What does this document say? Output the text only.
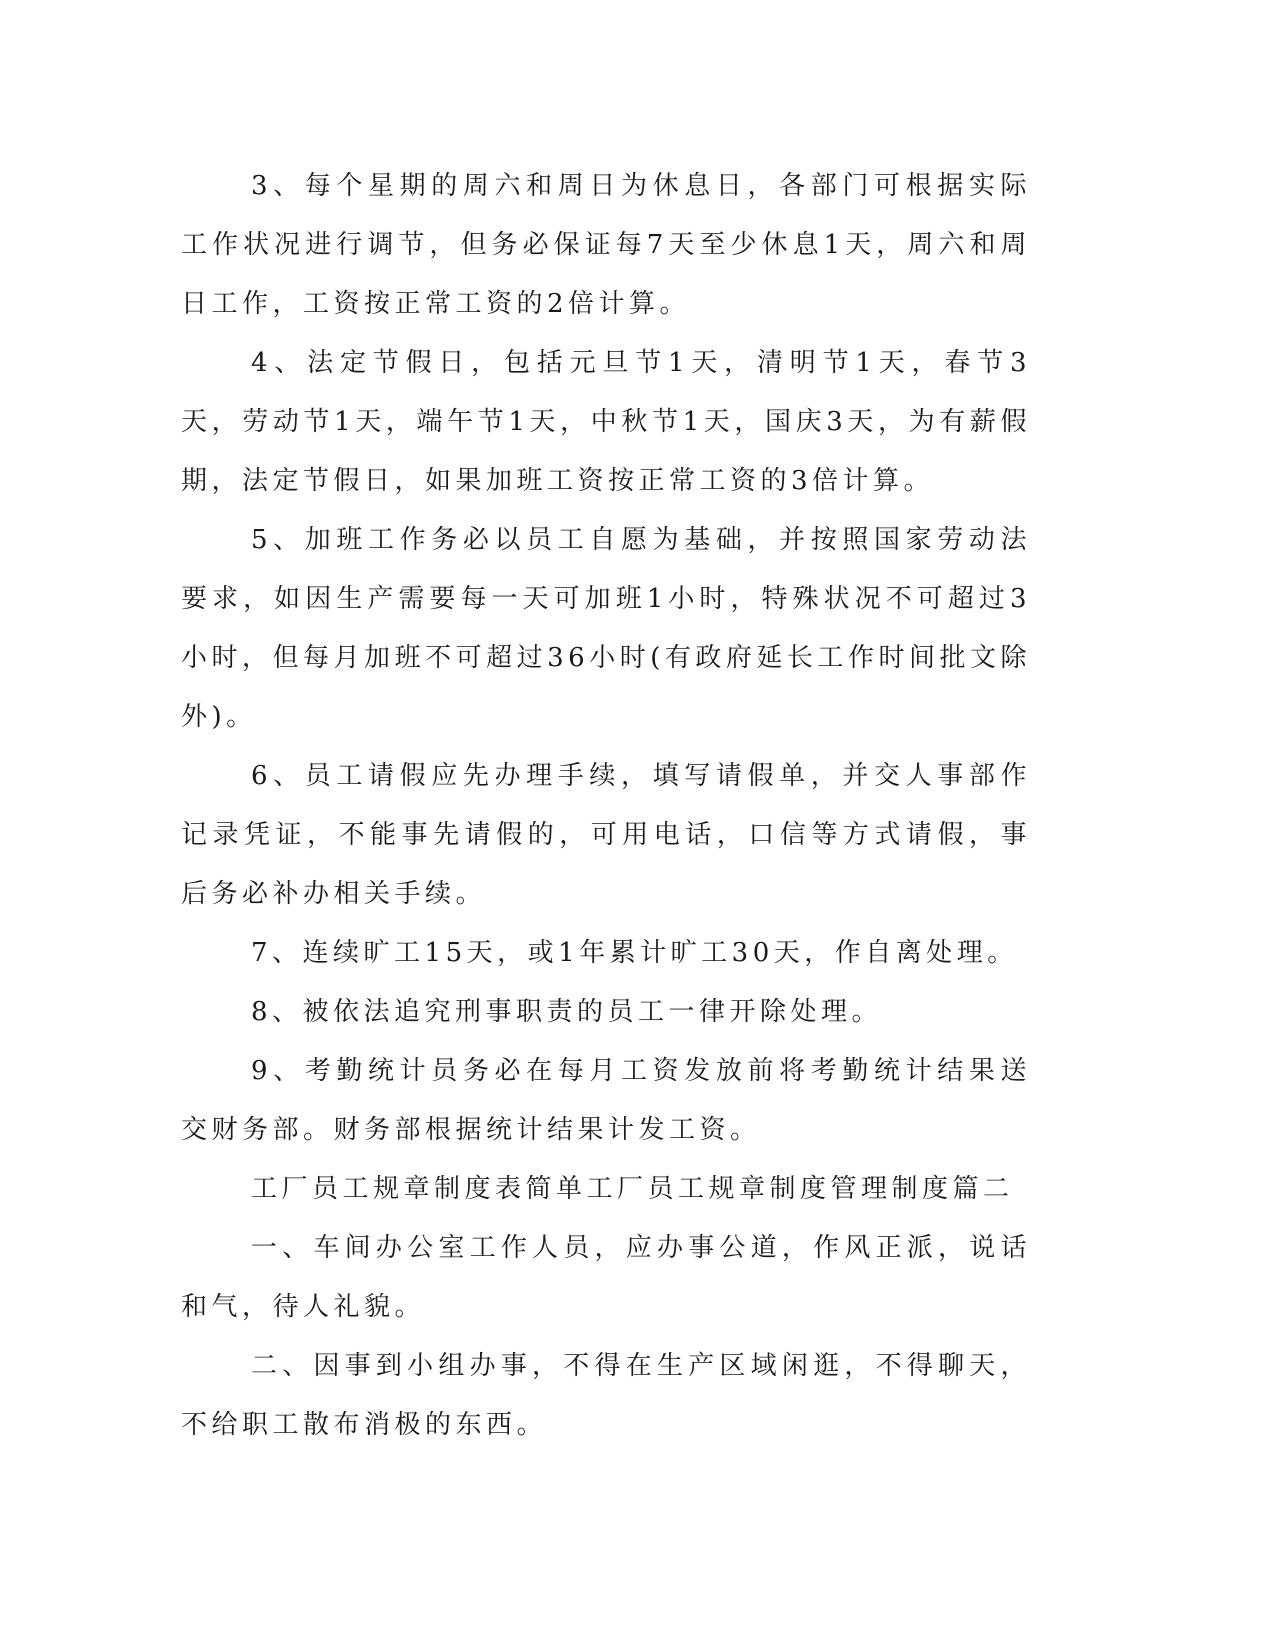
3、每个星期的周六和周日为休息日，各部门可根据实际工作状况进行调节，但务必保证每7天至少休息1天，周六和周日工作，工资按正常工资的2倍计算。

4、法定节假日，包括元旦节1天，清明节1天，春节3天，劳动节1天，端午节1天，中秋节1天，国庆3天，为有薪假期，法定节假日，如果加班工资按正常工资的3倍计算。

5、加班工作务必以员工自愿为基础，并按照国家劳动法要求，如因生产需要每一天可加班1小时，特殊状况不可超过3小时，但每月加班不可超过36小时(有政府延长工作时间批文除外)。

6、员工请假应先办理手续，填写请假单，并交人事部作记录凭证，不能事先请假的，可用电话，口信等方式请假，事后务必补办相关手续。

7、连续旷工15天，或1年累计旷工30天，作自离处理。

8、被依法追究刑事职责的员工一律开除处理。

9、考勤统计员务必在每月工资发放前将考勤统计结果送交财务部。财务部根据统计结果计发工资。

工厂员工规章制度表简单工厂员工规章制度管理制度篇二

一、车间办公室工作人员，应办事公道，作风正派，说话和气，待人礼貌。

二、因事到小组办事，不得在生产区域闲逛，不得聊天，不给职工散布消极的东西。
